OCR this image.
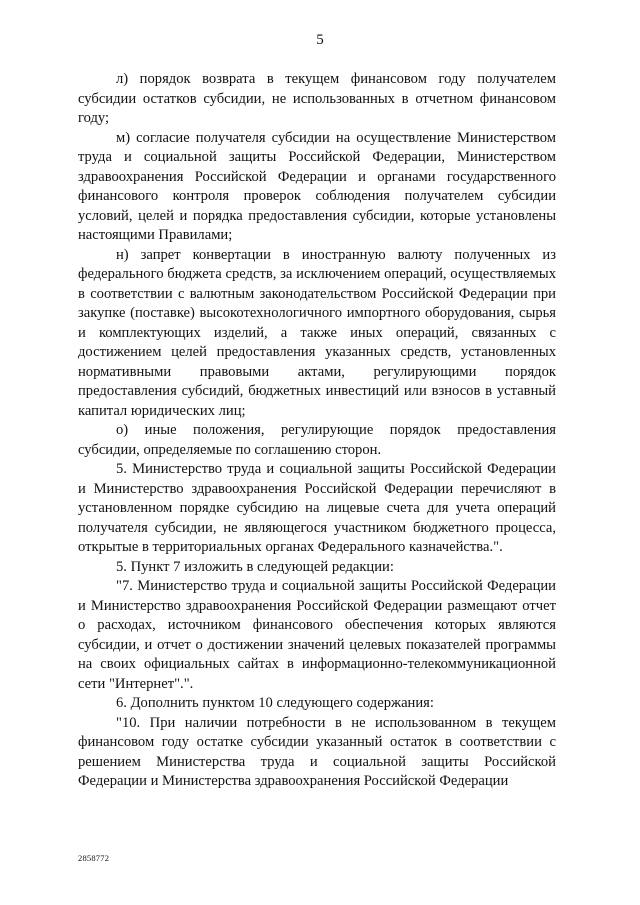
5

л) порядок возврата в текущем финансовом году получателем субсидии остатков субсидии, не использованных в отчетном финансовом году;

м) согласие получателя субсидии на осуществление Министерством труда и социальной защиты Российской Федерации, Министерством здравоохранения Российской Федерации и органами государственного финансового контроля проверок соблюдения получателем субсидии условий, целей и порядка предоставления субсидии, которые установлены настоящими Правилами;

н) запрет конвертации в иностранную валюту полученных из федерального бюджета средств, за исключением операций, осуществляемых в соответствии с валютным законодательством Российской Федерации при закупке (поставке) высокотехнологичного импортного оборудования, сырья и комплектующих изделий, а также иных операций, связанных с достижением целей предоставления указанных средств, установленных нормативными правовыми актами, регулирующими порядок предоставления субсидий, бюджетных инвестиций или взносов в уставный капитал юридических лиц;

о) иные положения, регулирующие порядок предоставления субсидии, определяемые по соглашению сторон.

5. Министерство труда и социальной защиты Российской Федерации и Министерство здравоохранения Российской Федерации перечисляют в установленном порядке субсидию на лицевые счета для учета операций получателя субсидии, не являющегося участником бюджетного процесса, открытые в территориальных органах Федерального казначейства.".

5. Пункт 7 изложить в следующей редакции:

"7. Министерство труда и социальной защиты Российской Федерации и Министерство здравоохранения Российской Федерации размещают отчет о расходах, источником финансового обеспечения которых являются субсидии, и отчет о достижении значений целевых показателей программы на своих официальных сайтах в информационно-телекоммуникационной сети "Интернет".".

6. Дополнить пунктом 10 следующего содержания:

"10. При наличии потребности в не использованном в текущем финансовом году остатке субсидии указанный остаток в соответствии с решением Министерства труда и социальной защиты Российской Федерации и Министерства здравоохранения Российской Федерации

2858772
